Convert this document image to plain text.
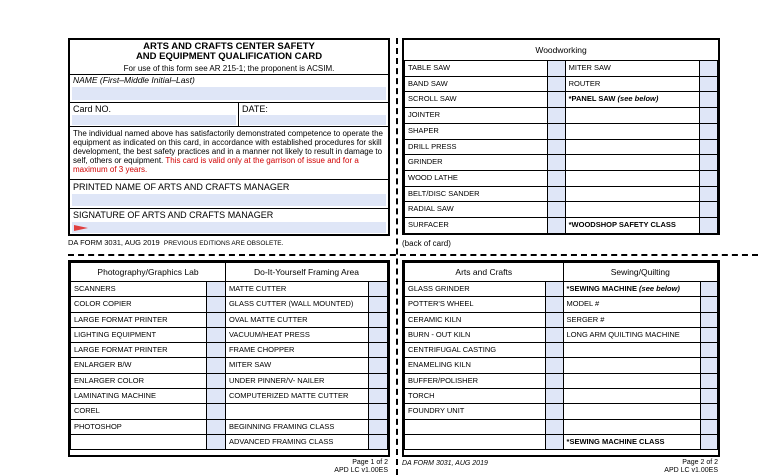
ARTS AND CRAFTS CENTER SAFETY
AND EQUIPMENT QUALIFICATION CARD
For use of this form see AR 215-1; the proponent is ACSIM.
NAME (First–Middle Initial–Last)
Card NO.	DATE:
The individual named above has satisfactorily demonstrated competence to operate the equipment as indicated on this card, in accordance with established procedures for skill development, the best safety practices and in a manner not likely to result in damage to self, others or equipment. This card is valid only at the garrison of issue and for a maximum of 3 years.
PRINTED NAME OF ARTS AND CRAFTS MANAGER
SIGNATURE OF ARTS AND CRAFTS MANAGER
DA FORM 3031, AUG 2019 PREVIOUS EDITIONS ARE OBSOLETE.
Woodworking
TABLE SAW		MITER SAW	
BAND SAW		ROUTER	
SCROLL SAW		*PANEL SAW (see below)	
JOINTER			
SHAPER			
DRILL PRESS			
GRINDER			
WOOD LATHE			
BELT/DISC SANDER			
RADIAL SAW			
SURFACER		*WOODSHOP SAFETY CLASS	
(back of card)
Photography/Graphics Lab		Do-It-Yourself Framing Area	
SCANNERS		MATTE CUTTER	
COLOR COPIER		GLASS CUTTER (WALL MOUNTED)	
LARGE FORMAT PRINTER		OVAL MATTE CUTTER	
LIGHTING EQUIPMENT		VACUUM/HEAT PRESS	
LARGE FORMAT PRINTER		FRAME CHOPPER	
ENLARGER B/W		MITER SAW	
ENLARGER COLOR		UNDER PINNER/V- NAILER	
LAMINATING MACHINE		COMPUTERIZED MATTE CUTTER	
COREL			
PHOTOSHOP		BEGINNING FRAMING CLASS	
		ADVANCED FRAMING CLASS	
Page 1 of 2
APD LC v1.00ES
Arts and Crafts		Sewing/Quilting	
GLASS GRINDER		*SEWING MACHINE (see below)	
POTTER'S WHEEL		MODEL #	
CERAMIC KILN		SERGER #	
BURN - OUT KILN		LONG ARM QUILTING MACHINE	
CENTRIFUGAL CASTING			
ENAMELING KILN			
BUFFER/POLISHER			
TORCH			
FOUNDRY UNIT			

		*SEWING MACHINE CLASS	
DA FORM 3031, AUG 2019	Page 2 of 2
APD LC v1.00ES
